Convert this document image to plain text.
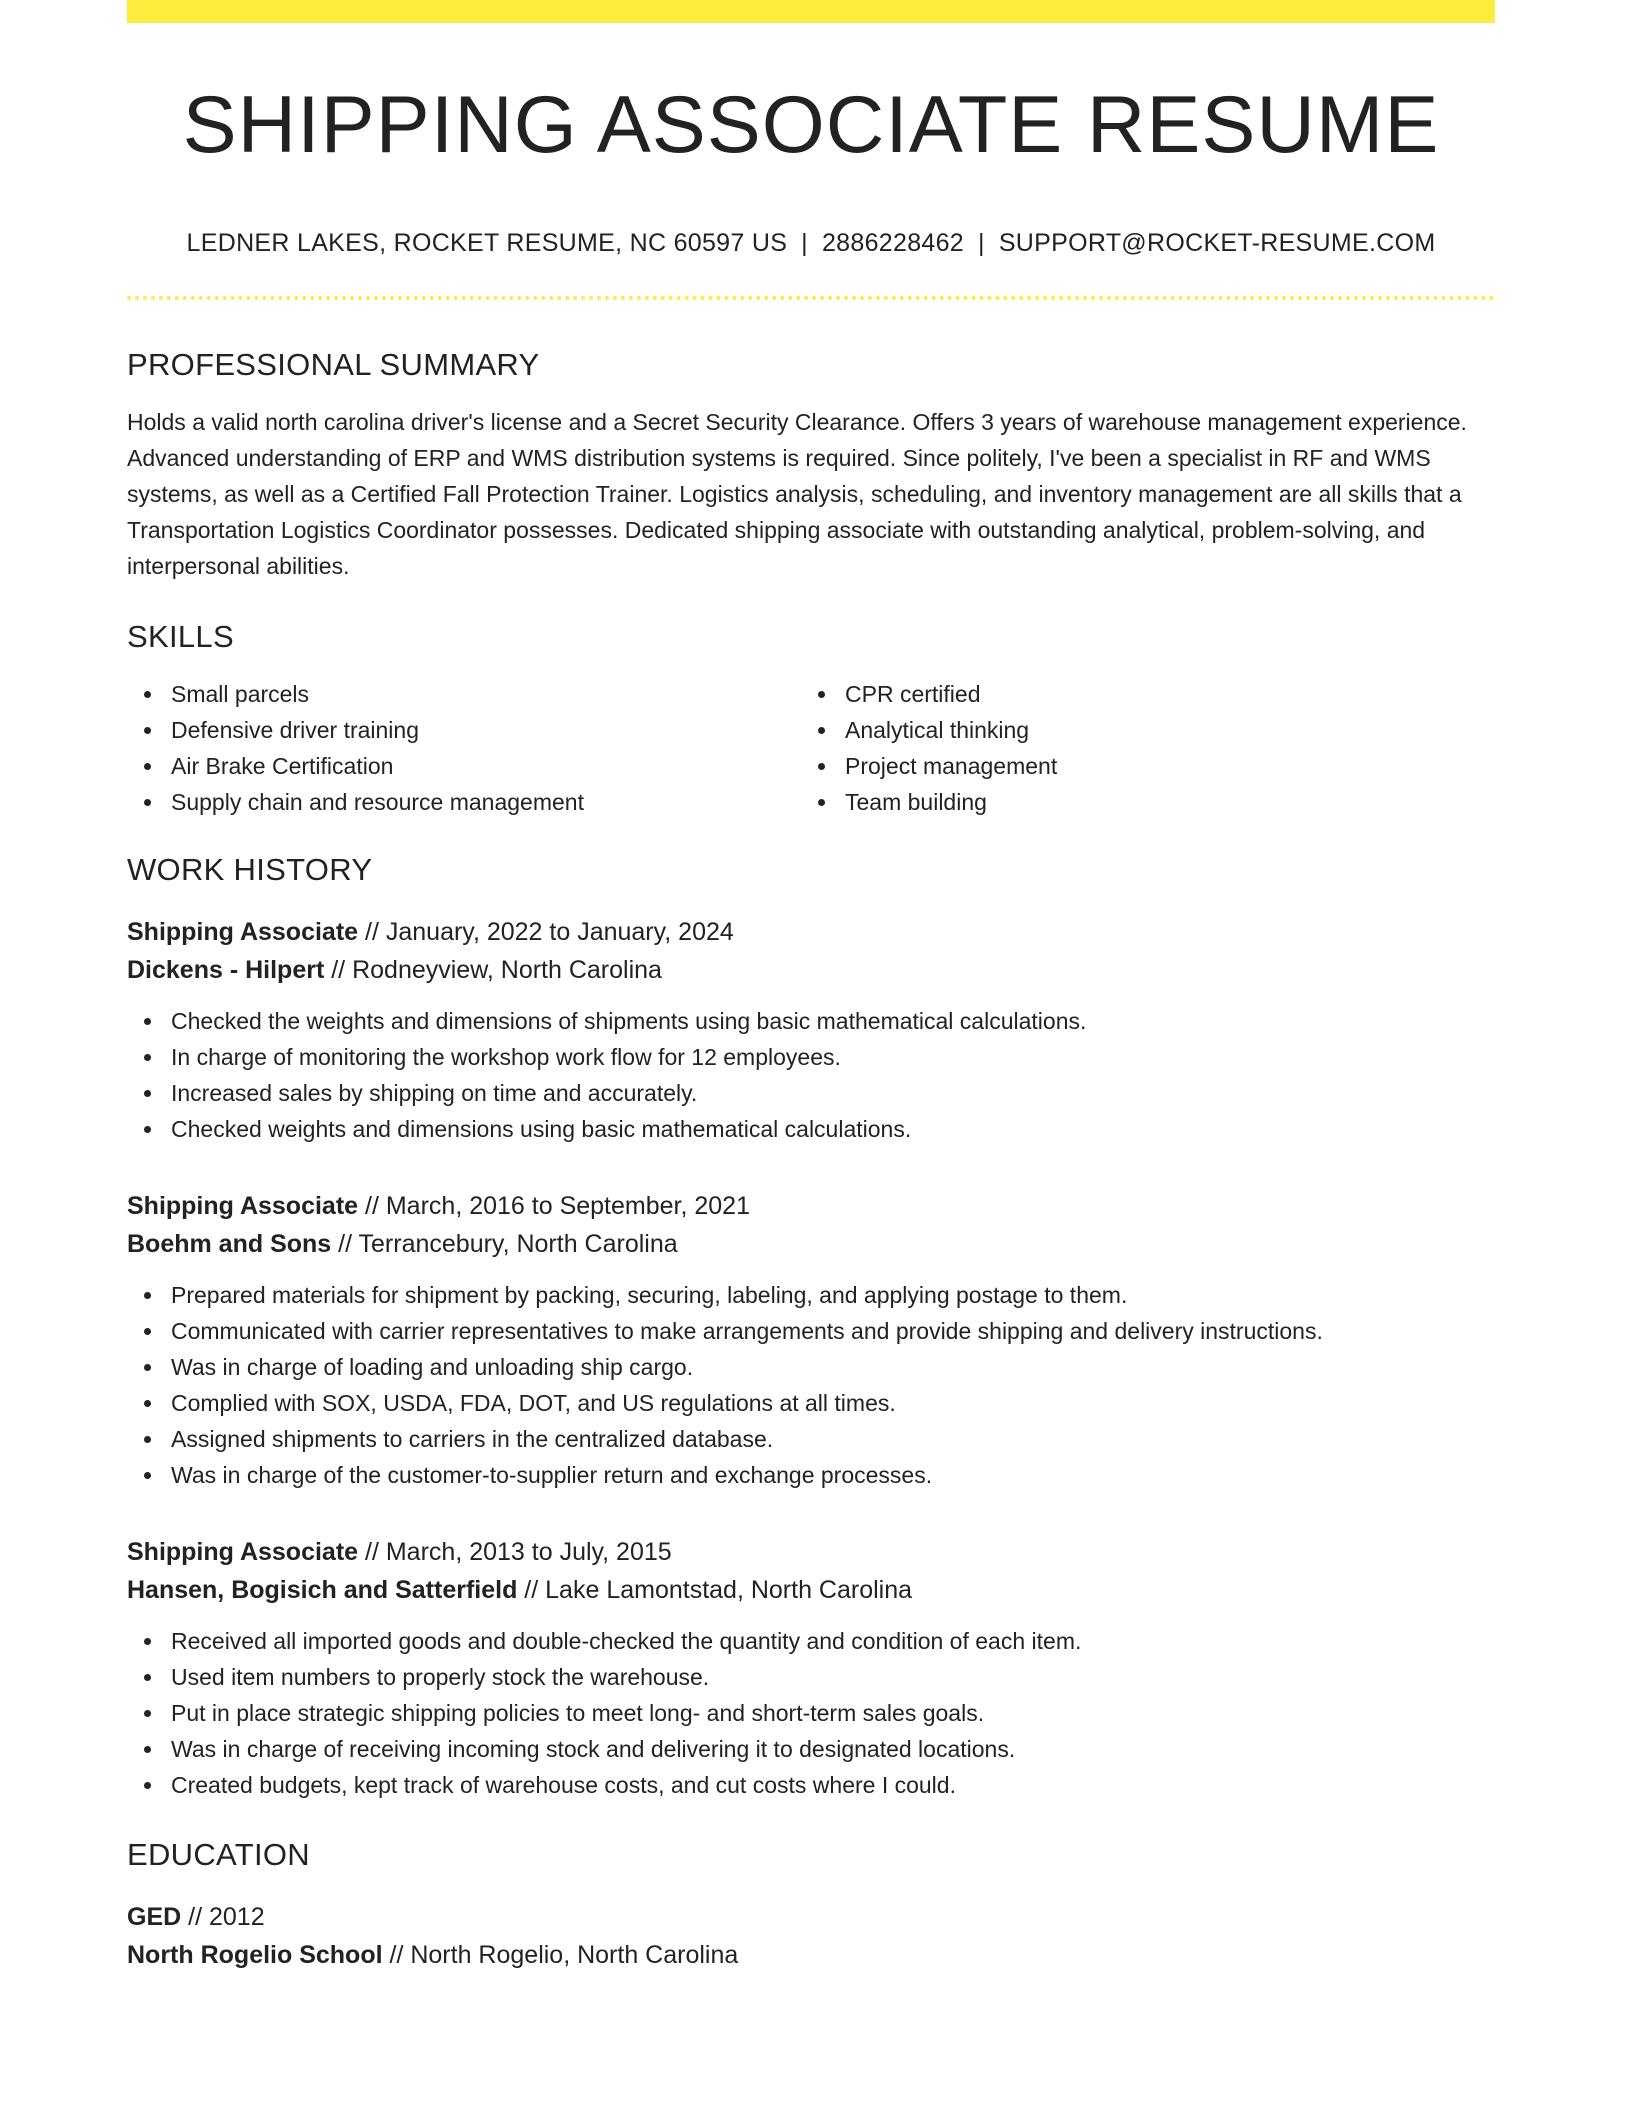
SHIPPING ASSOCIATE RESUME
LEDNER LAKES, ROCKET RESUME, NC 60597 US | 2886228462 | SUPPORT@ROCKET-RESUME.COM
PROFESSIONAL SUMMARY
Holds a valid north carolina driver's license and a Secret Security Clearance. Offers 3 years of warehouse management experience. Advanced understanding of ERP and WMS distribution systems is required. Since politely, I've been a specialist in RF and WMS systems, as well as a Certified Fall Protection Trainer. Logistics analysis, scheduling, and inventory management are all skills that a Transportation Logistics Coordinator possesses. Dedicated shipping associate with outstanding analytical, problem-solving, and interpersonal abilities.
SKILLS
Small parcels
Defensive driver training
Air Brake Certification
Supply chain and resource management
CPR certified
Analytical thinking
Project management
Team building
WORK HISTORY
Shipping Associate // January, 2022 to January, 2024
Dickens - Hilpert // Rodneyview, North Carolina
Checked the weights and dimensions of shipments using basic mathematical calculations.
In charge of monitoring the workshop work flow for 12 employees.
Increased sales by shipping on time and accurately.
Checked weights and dimensions using basic mathematical calculations.
Shipping Associate // March, 2016 to September, 2021
Boehm and Sons // Terrancebury, North Carolina
Prepared materials for shipment by packing, securing, labeling, and applying postage to them.
Communicated with carrier representatives to make arrangements and provide shipping and delivery instructions.
Was in charge of loading and unloading ship cargo.
Complied with SOX, USDA, FDA, DOT, and US regulations at all times.
Assigned shipments to carriers in the centralized database.
Was in charge of the customer-to-supplier return and exchange processes.
Shipping Associate // March, 2013 to July, 2015
Hansen, Bogisich and Satterfield // Lake Lamontstad, North Carolina
Received all imported goods and double-checked the quantity and condition of each item.
Used item numbers to properly stock the warehouse.
Put in place strategic shipping policies to meet long- and short-term sales goals.
Was in charge of receiving incoming stock and delivering it to designated locations.
Created budgets, kept track of warehouse costs, and cut costs where I could.
EDUCATION
GED // 2012
North Rogelio School // North Rogelio, North Carolina
